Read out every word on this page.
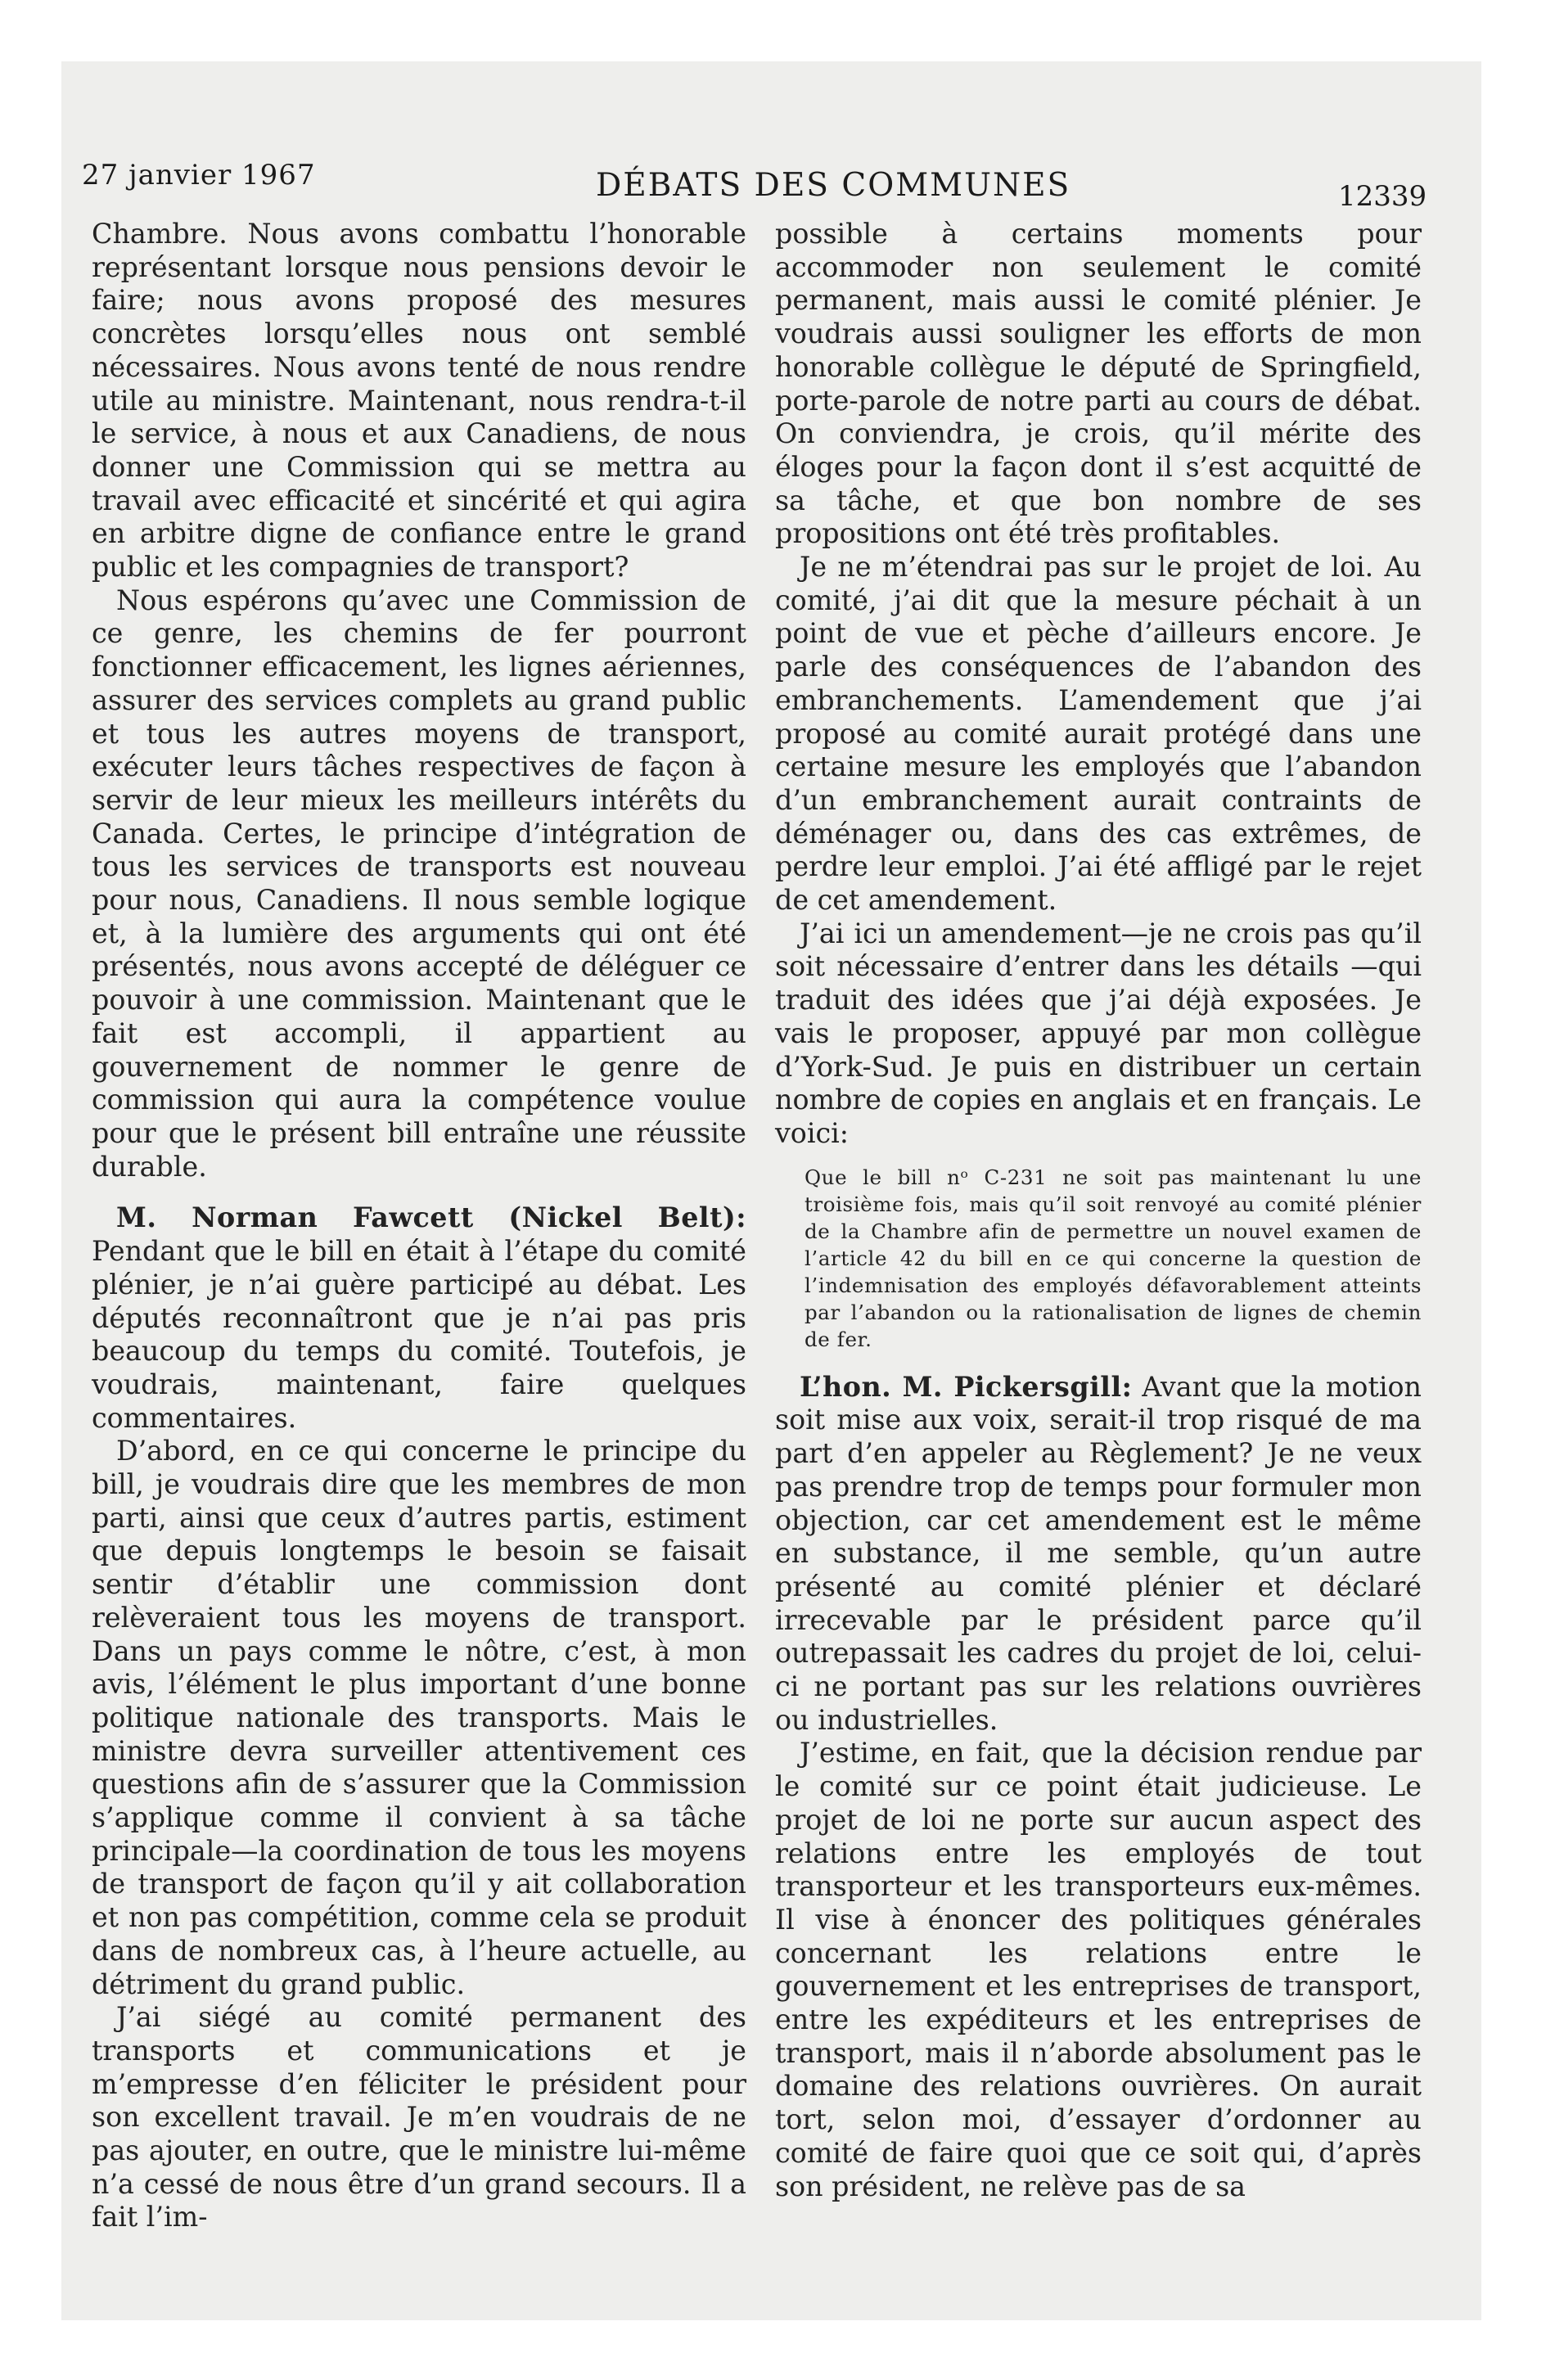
27 janvier 1967	DÉBATS DES COMMUNES	12339

Chambre. Nous avons combattu l’honorable représentant lorsque nous pensions devoir le faire; nous avons proposé des mesures concrètes lorsqu’elles nous ont semblé nécessaires. Nous avons tenté de nous rendre utile au ministre. Maintenant, nous rendra-t-il le service, à nous et aux Canadiens, de nous donner une Commission qui se mettra au travail avec efficacité et sincérité et qui agira en arbitre digne de confiance entre le grand public et les compagnies de transport?

Nous espérons qu’avec une Commission de ce genre, les chemins de fer pourront fonctionner efficacement, les lignes aériennes, assurer des services complets au grand public et tous les autres moyens de transport, exécuter leurs tâches respectives de façon à servir de leur mieux les meilleurs intérêts du Canada. Certes, le principe d’intégration de tous les services de transports est nouveau pour nous, Canadiens. Il nous semble logique et, à la lumière des arguments qui ont été présentés, nous avons accepté de déléguer ce pouvoir à une commission. Maintenant que le fait est accompli, il appartient au gouvernement de nommer le genre de commission qui aura la compétence voulue pour que le présent bill entraîne une réussite durable.

M. Norman Fawcett (Nickel Belt): Pendant que le bill en était à l’étape du comité plénier, je n’ai guère participé au débat. Les députés reconnaîtront que je n’ai pas pris beaucoup du temps du comité. Toutefois, je voudrais, maintenant, faire quelques commentaires.

D’abord, en ce qui concerne le principe du bill, je voudrais dire que les membres de mon parti, ainsi que ceux d’autres partis, estiment que depuis longtemps le besoin se faisait sentir d’établir une commission dont relèveraient tous les moyens de transport. Dans un pays comme le nôtre, c’est, à mon avis, l’élément le plus important d’une bonne politique nationale des transports. Mais le ministre devra surveiller attentivement ces questions afin de s’assurer que la Commission s’applique comme il convient à sa tâche principale—la coordination de tous les moyens de transport de façon qu’il y ait collaboration et non pas compétition, comme cela se produit dans de nombreux cas, à l’heure actuelle, au détriment du grand public.

J’ai siégé au comité permanent des transports et communications et je m’empresse d’en féliciter le président pour son excellent travail. Je m’en voudrais de ne pas ajouter, en outre, que le ministre lui-même n’a cessé de nous être d’un grand secours. Il a fait l’im-

possible à certains moments pour accommoder non seulement le comité permanent, mais aussi le comité plénier. Je voudrais aussi souligner les efforts de mon honorable collègue le député de Springfield, porte-parole de notre parti au cours de débat. On conviendra, je crois, qu’il mérite des éloges pour la façon dont il s’est acquitté de sa tâche, et que bon nombre de ses propositions ont été très profitables.

Je ne m’étendrai pas sur le projet de loi. Au comité, j’ai dit que la mesure péchait à un point de vue et pèche d’ailleurs encore. Je parle des conséquences de l’abandon des embranchements. L’amendement que j’ai proposé au comité aurait protégé dans une certaine mesure les employés que l’abandon d’un embranchement aurait contraints de déménager ou, dans des cas extrêmes, de perdre leur emploi. J’ai été affligé par le rejet de cet amendement.

J’ai ici un amendement—je ne crois pas qu’il soit nécessaire d’entrer dans les détails —qui traduit des idées que j’ai déjà exposées. Je vais le proposer, appuyé par mon collègue d’York-Sud. Je puis en distribuer un certain nombre de copies en anglais et en français. Le voici:

Que le bill nᵒ C-231 ne soit pas maintenant lu une troisième fois, mais qu’il soit renvoyé au comité plénier de la Chambre afin de permettre un nouvel examen de l’article 42 du bill en ce qui concerne la question de l’indemnisation des employés défavorablement atteints par l’abandon ou la rationalisation de lignes de chemin de fer.

L’hon. M. Pickersgill: Avant que la motion soit mise aux voix, serait-il trop risqué de ma part d’en appeler au Règlement? Je ne veux pas prendre trop de temps pour formuler mon objection, car cet amendement est le même en substance, il me semble, qu’un autre présenté au comité plénier et déclaré irrecevable par le président parce qu’il outrepassait les cadres du projet de loi, celui-ci ne portant pas sur les relations ouvrières ou industrielles.

J’estime, en fait, que la décision rendue par le comité sur ce point était judicieuse. Le projet de loi ne porte sur aucun aspect des relations entre les employés de tout transporteur et les transporteurs eux-mêmes. Il vise à énoncer des politiques générales concernant les relations entre le gouvernement et les entreprises de transport, entre les expéditeurs et les entreprises de transport, mais il n’aborde absolument pas le domaine des relations ouvrières. On aurait tort, selon moi, d’essayer d’ordonner au comité de faire quoi que ce soit qui, d’après son président, ne relève pas de sa
